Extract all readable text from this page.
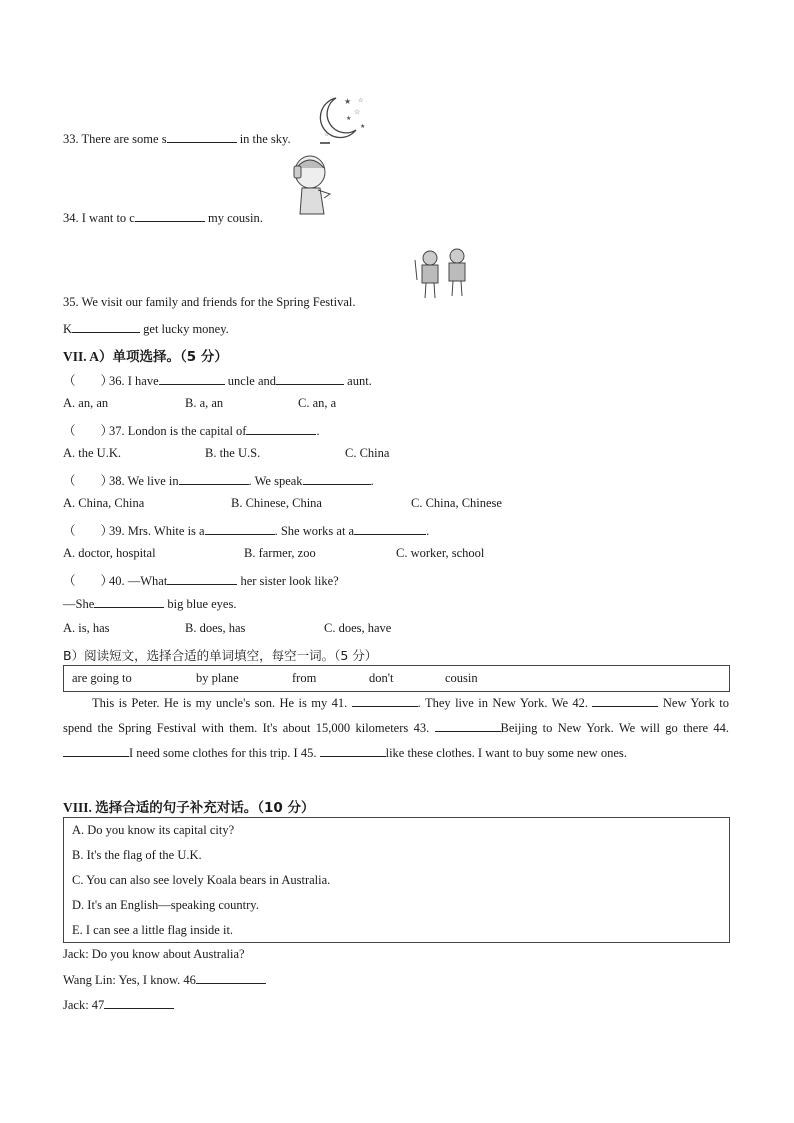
★
☆
★
☆
☆
★
33. There are some s	in the sky.
34. I want to c	my cousin.
35. We visit our family and friends for the Spring Festival.
K	get lucky money.
VII. A）单项选择。（5 分）
（　　）36. I have	uncle and	aunt.
A. an, an	B. a, an	C. an, a
（　　）37. London is the capital of	.
A. the U.K.	B. the U.S.	C. China
（　　）38. We live in	. We speak	.
A. China, China	B. Chinese, China	C. China, Chinese
（　　）39. Mrs. White is a	. She works at a	.
A. doctor, hospital	B. farmer, zoo	C. worker, school
（　　）40. —What	her sister look like?
—She	big blue eyes.
A. is, has	B. does, has	C. does, have
B）阅读短文，选择合适的单词填空，每空一词。（5 分）
are going to	by plane	from	don't	cousin
This is Peter. He is my uncle's son. He is my 41.	. They live in New York. We 42.	New York to spend the Spring Festival with them. It's about 15,000 kilometers 43.	Beijing to New York. We will go there 44. I need some clothes for this trip. I 45.	like these clothes. I want to buy some new ones.
VIII. 选择合适的句子补充对话。（10 分）
A. Do you know its capital city?
B. It's the flag of the U.K.
C. You can also see lovely Koala bears in Australia.
D. It's an English—speaking country.
E. I can see a little flag inside it.
Jack: Do you know about Australia?
Wang Lin: Yes, I know. 46
Jack: 47
